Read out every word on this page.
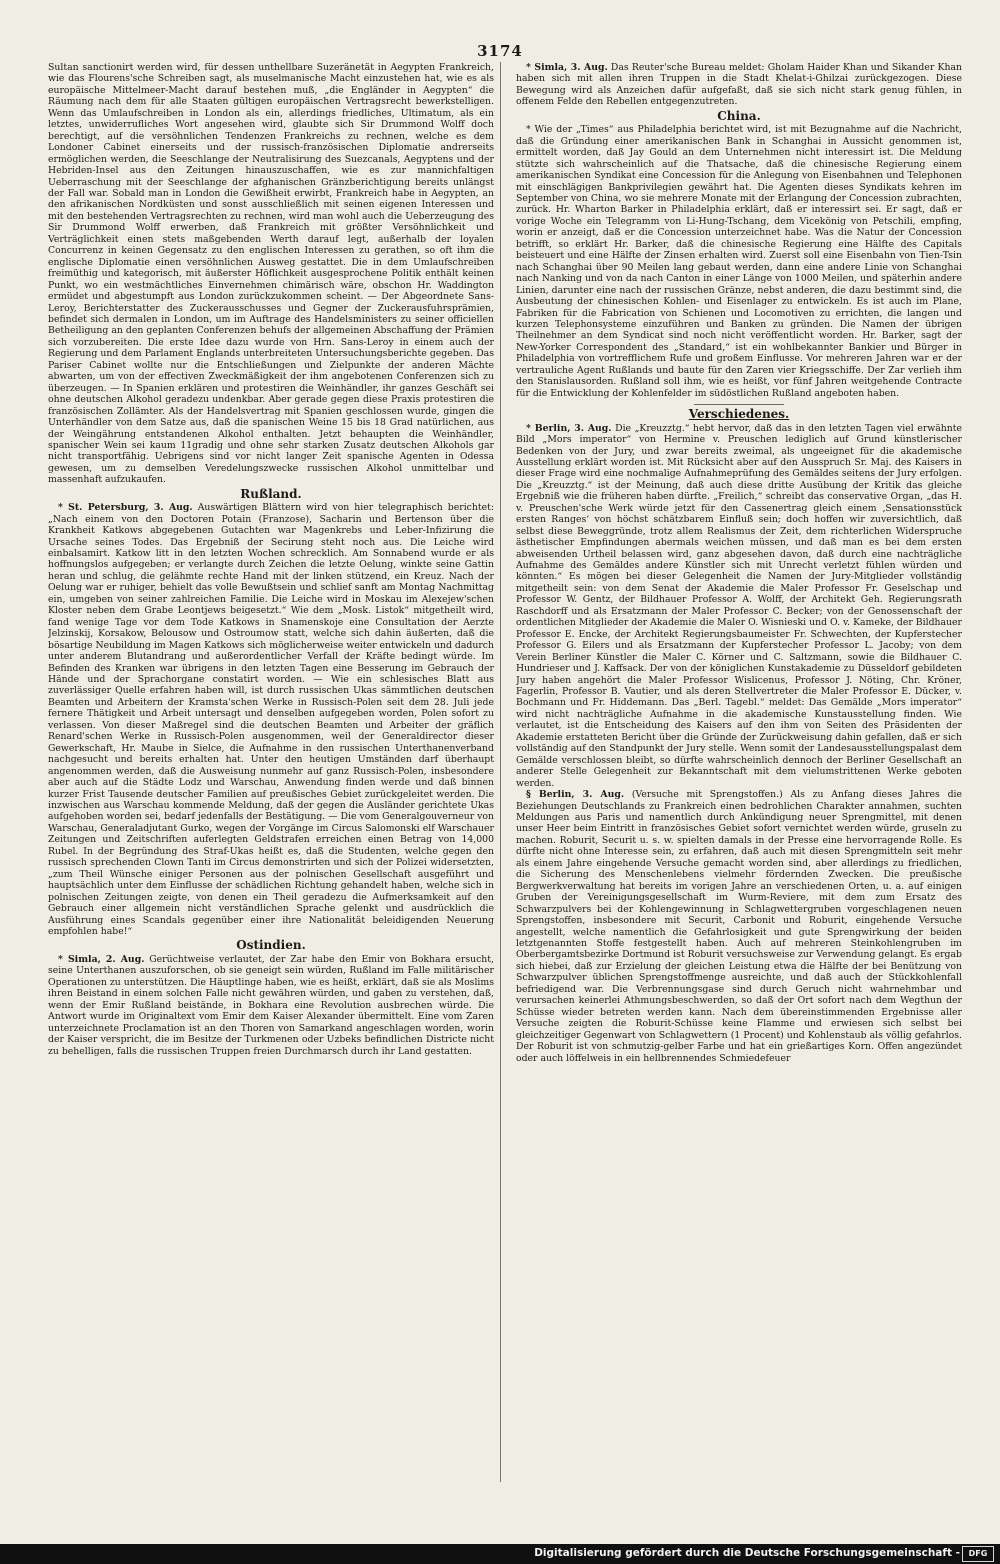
3174

Sultan sanctionirt werden wird, für dessen unthellbare Suzeränetät in Aegypten Frankreich, wie das Flourens'sche Schreiben sagt, als muselmanische Macht einzustehen hat, wie es als europäische Mittelmeer-Macht darauf bestehen muß, „die Engländer in Aegypten“ die Räumung nach dem für alle Staaten gültigen europäischen Vertragsrecht bewerkstelligen. Wenn das Umlaufschreiben in London als ein, allerdings friedliches, Ultimatum, als ein letztes, unwiderrufliches Wort angesehen wird, glaubte sich Sir Drummond Wolff doch berechtigt, auf die versöhnlichen Tendenzen Frankreichs zu rechnen, welche es dem Londoner Cabinet einerseits und der russisch-französischen Diplomatie andrerseits ermöglichen werden, die Seeschlange der Neutralisirung des Suezcanals, Aegyptens und der Hebriden-Insel aus den Zeitungen hinauszuschaffen, wie es zur mannichfaltigen Ueberraschung mit der Seeschlange der afghanischen Gränzberichtigung bereits unlängst der Fall war. Sobald man in London die Gewißheit erwirbt, Frankreich habe in Aegypten, an den afrikanischen Nordküsten und sonst ausschließlich mit seinen eigenen Interessen und mit den bestehenden Vertragsrechten zu rechnen, wird man wohl auch die Ueberzeugung des Sir Drummond Wolff erwerben, daß Frankreich mit größter Versöhnlichkeit und Verträglichkeit einen stets maßgebenden Werth darauf legt, außerhalb der loyalen Concurrenz in keinen Gegensatz zu den englischen Interessen zu gerathen, so oft ihm die englische Diplomatie einen versöhnlichen Ausweg gestattet. Die in dem Umlaufschreiben freimüthig und kategorisch, mit äußerster Höflichkeit ausgesprochene Politik enthält keinen Punkt, wo ein westmächtliches Einvernehmen chimärisch wäre, obschon Hr. Waddington ermüdet und abgestumpft aus London zurückzukommen scheint. — Der Abgeordnete Sans-Leroy, Berichterstatter des Zuckerausschusses und Gegner der Zuckerausfuhrsprämien, befindet sich dermalen in London, um im Auftrage des Handelsministers zu seiner officiellen Betheiligung an den geplanten Conferenzen behufs der allgemeinen Abschaffung der Prämien sich vorzubereiten. Die erste Idee dazu wurde von Hrn. Sans-Leroy in einem auch der Regierung und dem Parlament Englands unterbreiteten Untersuchungsberichte gegeben. Das Pariser Cabinet wollte nur die Entschließungen und Zielpunkte der anderen Mächte abwarten, um von der effectiven Zweckmäßigkeit der ihm angebotenen Conferenzen sich zu überzeugen. — In Spanien erklären und protestiren die Weinhändler, ihr ganzes Geschäft sei ohne deutschen Alkohol geradezu undenkbar. Aber gerade gegen diese Praxis protestiren die französischen Zollämter. Als der Handelsvertrag mit Spanien geschlossen wurde, gingen die Unterhändler von dem Satze aus, daß die spanischen Weine 15 bis 18 Grad natürlichen, aus der Weingährung entstandenen Alkohol enthalten. Jetzt behaupten die Weinhändler, spanischer Wein sei kaum 11gradig und ohne sehr starken Zusatz deutschen Alkohols gar nicht transportfähig. Uebrigens sind vor nicht langer Zeit spanische Agenten in Odessa gewesen, um zu demselben Veredelungszwecke russischen Alkohol unmittelbar und massenhaft aufzukaufen.

Rußland.

* St. Petersburg, 3. Aug. Auswärtigen Blättern wird von hier telegraphisch berichtet: „Nach einem von den Doctoren Potain (Franzose), Sacharin und Bertenson über die Krankheit Katkows abgegebenen Gutachten war Magenkrebs und Leber-Infizirung die Ursache seines Todes. Das Ergebniß der Secirung steht noch aus. Die Leiche wird einbalsamirt. Katkow litt in den letzten Wochen schrecklich. Am Sonnabend wurde er als hoffnungslos aufgegeben; er verlangte durch Zeichen die letzte Oelung, winkte seine Gattin heran und schlug, die gelähmte rechte Hand mit der linken stützend, ein Kreuz. Nach der Oelung war er ruhiger, behielt das volle Bewußtsein und schlief sanft am Montag Nachmittag ein, umgeben von seiner zahlreichen Familie. Die Leiche wird in Moskau im Alexejew'schen Kloster neben dem Grabe Leontjews beigesetzt.“ Wie dem „Mosk. Listok“ mitgetheilt wird, fand wenige Tage vor dem Tode Katkows in Snamenskoje eine Consultation der Aerzte Jelzinskij, Korsakow, Belousow und Ostroumow statt, welche sich dahin äußerten, daß die bösartige Neubildung im Magen Katkows sich möglicherweise weiter entwickeln und dadurch unter anderem Blutandrang und außerordentlicher Verfall der Kräfte bedingt würde. Im Befinden des Kranken war übrigens in den letzten Tagen eine Besserung im Gebrauch der Hände und der Sprachorgane constatirt worden. — Wie ein schlesisches Blatt aus zuverlässiger Quelle erfahren haben will, ist durch russischen Ukas sämmtlichen deutschen Beamten und Arbeitern der Kramsta'schen Werke in Russisch-Polen seit dem 28. Juli jede fernere Thätigkeit und Arbeit untersagt und denselben aufgegeben worden, Polen sofort zu verlassen. Von dieser Maßregel sind die deutschen Beamten und Arbeiter der gräflich Renard'schen Werke in Russisch-Polen ausgenommen, weil der Generaldirector dieser Gewerkschaft, Hr. Maube in Sielce, die Aufnahme in den russischen Unterthanenverband nachgesucht und bereits erhalten hat. Unter den heutigen Umständen darf überhaupt angenommen werden, daß die Ausweisung nunmehr auf ganz Russisch-Polen, insbesondere aber auch auf die Städte Lodz und Warschau, Anwendung finden werde und daß binnen kurzer Frist Tausende deutscher Familien auf preußisches Gebiet zurückgeleitet werden. Die inzwischen aus Warschau kommende Meldung, daß der gegen die Ausländer gerichtete Ukas aufgehoben worden sei, bedarf jedenfalls der Bestätigung. — Die vom Generalgouverneur von Warschau, Generaladjutant Gurko, wegen der Vorgänge im Circus Salomonski elf Warschauer Zeitungen und Zeitschriften auferlegten Geldstrafen erreichen einen Betrag von 14,000 Rubel. In der Begründung des Straf-Ukas heißt es, daß die Studenten, welche gegen den russisch sprechenden Clown Tanti im Circus demonstrirten und sich der Polizei widersetzten, „zum Theil Wünsche einiger Personen aus der polnischen Gesellschaft ausgeführt und hauptsächlich unter dem Einflusse der schädlichen Richtung gehandelt haben, welche sich in polnischen Zeitungen zeigte, von denen ein Theil geradezu die Aufmerksamkeit auf den Gebrauch einer allgemein nicht verständlichen Sprache gelenkt und ausdrücklich die Ausführung eines Scandals gegenüber einer ihre Nationalität beleidigenden Neuerung empfohlen habe!“

Ostindien.

* Simla, 2. Aug. Gerüchtweise verlautet, der Zar habe den Emir von Bokhara ersucht, seine Unterthanen auszuforschen, ob sie geneigt sein würden, Rußland im Falle militärischer Operationen zu unterstützen. Die Häuptlinge haben, wie es heißt, erklärt, daß sie als Moslims ihren Beistand in einem solchen Falle nicht gewähren würden, und gaben zu verstehen, daß, wenn der Emir Rußland beistände, in Bokhara eine Revolution ausbrechen würde. Die Antwort wurde im Originaltext vom Emir dem Kaiser Alexander übermittelt. Eine vom Zaren unterzeichnete Proclamation ist an den Thoren von Samarkand angeschlagen worden, worin der Kaiser verspricht, die im Besitze der Turkmenen oder Uzbeks befindlichen Districte nicht zu behelligen, falls die russischen Truppen freien Durchmarsch durch ihr Land gestatten.

* Simla, 3. Aug. Das Reuter'sche Bureau meldet: Gholam Haider Khan und Sikander Khan haben sich mit allen ihren Truppen in die Stadt Khelat-i-Ghilzai zurückgezogen. Diese Bewegung wird als Anzeichen dafür aufgefaßt, daß sie sich nicht stark genug fühlen, in offenem Felde den Rebellen entgegenzutreten.

China.

* Wie der „Times“ aus Philadelphia berichtet wird, ist mit Bezugnahme auf die Nachricht, daß die Gründung einer amerikanischen Bank in Schanghai in Aussicht genommen ist, ermittelt worden, daß Jay Gould an dem Unternehmen nicht interessirt ist. Die Meldung stützte sich wahrscheinlich auf die Thatsache, daß die chinesische Regierung einem amerikanischen Syndikat eine Concession für die Anlegung von Eisenbahnen und Telephonen mit einschlägigen Bankprivilegien gewährt hat. Die Agenten dieses Syndikats kehren im September von China, wo sie mehrere Monate mit der Erlangung der Concession zubrachten, zurück. Hr. Wharton Barker in Philadelphia erklärt, daß er interessirt sei. Er sagt, daß er vorige Woche ein Telegramm von Li-Hung-Tschang, dem Vicekönig von Petschili, empfing, worin er anzeigt, daß er die Concession unterzeichnet habe. Was die Natur der Concession betrifft, so erklärt Hr. Barker, daß die chinesische Regierung eine Hälfte des Capitals beisteuert und eine Hälfte der Zinsen erhalten wird. Zuerst soll eine Eisenbahn von Tien-Tsin nach Schanghai über 90 Meilen lang gebaut werden, dann eine andere Linie von Schanghai nach Nanking und von da nach Canton in einer Länge von 1000 Meilen, und späterhin andere Linien, darunter eine nach der russischen Gränze, nebst anderen, die dazu bestimmt sind, die Ausbeutung der chinesischen Kohlen- und Eisenlager zu entwickeln. Es ist auch im Plane, Fabriken für die Fabrication von Schienen und Locomotiven zu errichten, die langen und kurzen Telephonsysteme einzuführen und Banken zu gründen. Die Namen der übrigen Theilnehmer an dem Syndicat sind noch nicht veröffentlicht worden. Hr. Barker, sagt der New-Yorker Correspondent des „Standard,“ ist ein wohlbekannter Bankier und Bürger in Philadelphia von vortrefflichem Rufe und großem Einflusse. Vor mehreren Jahren war er der vertrauliche Agent Rußlands und baute für den Zaren vier Kriegsschiffe. Der Zar verlieh ihm den Stanislausorden. Rußland soll ihm, wie es heißt, vor fünf Jahren weitgehende Contracte für die Entwicklung der Kohlenfelder im südöstlichen Rußland angeboten haben.

Verschiedenes.

* Berlin, 3. Aug. Die „Kreuzztg.“ hebt hervor, daß das in den letzten Tagen viel erwähnte Bild „Mors imperator“ von Hermine v. Preuschen lediglich auf Grund künstlerischer Bedenken von der Jury, und zwar bereits zweimal, als ungeeignet für die akademische Ausstellung erklärt worden ist. Mit Rücksicht aber auf den Ausspruch Sr. Maj. des Kaisers in dieser Frage wird eine nochmalige Aufnahmeprüfung des Gemäldes seitens der Jury erfolgen. Die „Kreuzztg.“ ist der Meinung, daß auch diese dritte Ausübung der Kritik das gleiche Ergebniß wie die früheren haben dürfte. „Freilich,“ schreibt das conservative Organ, „das H. v. Preuschen'sche Werk würde jetzt für den Cassenertrag gleich einem ‚Sensationsstück ersten Ranges‘ von höchst schätzbarem Einfluß sein; doch hoffen wir zuversichtlich, daß selbst diese Beweggründe, trotz allem Realismus der Zeit, dem richterlichen Widerspruche ästhetischer Empfindungen abermals weichen müssen, und daß man es bei dem ersten abweisenden Urtheil belassen wird, ganz abgesehen davon, daß durch eine nachträgliche Aufnahme des Gemäldes andere Künstler sich mit Unrecht verletzt fühlen würden und könnten.“ Es mögen bei dieser Gelegenheit die Namen der Jury-Mitglieder vollständig mitgetheilt sein: von dem Senat der Akademie die Maler Professor Fr. Geselschap und Professor W. Gentz, der Bildhauer Professor A. Wolff, der Architekt Geh. Regierungsrath Raschdorff und als Ersatzmann der Maler Professor C. Becker; von der Genossenschaft der ordentlichen Mitglieder der Akademie die Maler O. Wisnieski und O. v. Kameke, der Bildhauer Professor E. Encke, der Architekt Regierungsbaumeister Fr. Schwechten, der Kupferstecher Professor G. Eilers und als Ersatzmann der Kupferstecher Professor L. Jacoby; von dem Verein Berliner Künstler die Maler C. Körner und C. Saltzmann, sowie die Bildhauer C. Hundrieser und J. Kaffsack. Der von der königlichen Kunstakademie zu Düsseldorf gebildeten Jury haben angehört die Maler Professor Wislicenus, Professor J. Nöting, Chr. Kröner, Fagerlin, Professor B. Vautier, und als deren Stellvertreter die Maler Professor E. Dücker, v. Bochmann und Fr. Hiddemann. Das „Berl. Tagebl.“ meldet: Das Gemälde „Mors imperator“ wird nicht nachträgliche Aufnahme in die akademische Kunstausstellung finden. Wie verlautet, ist die Entscheidung des Kaisers auf den ihm von Seiten des Präsidenten der Akademie erstatteten Bericht über die Gründe der Zurückweisung dahin gefallen, daß er sich vollständig auf den Standpunkt der Jury stelle. Wenn somit der Landesausstellungspalast dem Gemälde verschlossen bleibt, so dürfte wahrscheinlich dennoch der Berliner Gesellschaft an anderer Stelle Gelegenheit zur Bekanntschaft mit dem vielumstrittenen Werke geboten werden.

§ Berlin, 3. Aug. (Versuche mit Sprengstoffen.) Als zu Anfang dieses Jahres die Beziehungen Deutschlands zu Frankreich einen bedrohlichen Charakter annahmen, suchten Meldungen aus Paris und namentlich durch Ankündigung neuer Sprengmittel, mit denen unser Heer beim Eintritt in französisches Gebiet sofort vernichtet werden würde, gruseln zu machen. Roburit, Securit u. s. w. spielten damals in der Presse eine hervorragende Rolle. Es dürfte nicht ohne Interesse sein, zu erfahren, daß auch mit diesen Sprengmitteln seit mehr als einem Jahre eingehende Versuche gemacht worden sind, aber allerdings zu friedlichen, die Sicherung des Menschenlebens vielmehr fördernden Zwecken. Die preußische Bergwerkverwaltung hat bereits im vorigen Jahre an verschiedenen Orten, u. a. auf einigen Gruben der Vereinigungsgesellschaft im Wurm-Reviere, mit dem zum Ersatz des Schwarzpulvers bei der Kohlengewinnung in Schlagwettergruben vorgeschlagenen neuen Sprengstoffen, insbesondere mit Securit, Carbonit und Roburit, eingehende Versuche angestellt, welche namentlich die Gefahrlosigkeit und gute Sprengwirkung der beiden letztgenannten Stoffe festgestellt haben. Auch auf mehreren Steinkohlengruben im Oberbergamtsbezirke Dortmund ist Roburit versuchsweise zur Verwendung gelangt. Es ergab sich hiebei, daß zur Erzielung der gleichen Leistung etwa die Hälfte der bei Benützung von Schwarzpulver üblichen Sprengstoffmenge ausreichte, und daß auch der Stückkohlenfall befriedigend war. Die Verbrennungsgase sind durch Geruch nicht wahrnehmbar und verursachen keinerlei Athmungsbeschwerden, so daß der Ort sofort nach dem Wegthun der Schüsse wieder betreten werden kann. Nach dem übereinstimmenden Ergebnisse aller Versuche zeigten die Roburit-Schüsse keine Flamme und erwiesen sich selbst bei gleichzeitiger Gegenwart von Schlagwettern (1 Procent) und Kohlenstaub als völlig gefahrlos. Der Roburit ist von schmutzig-gelber Farbe und hat ein grießartiges Korn. Offen angezündet oder auch löffelweis in ein hellbrennendes Schmiedefeuer

Digitalisierung gefördert durch die Deutsche Forschungsgemeinschaft -	DFG
